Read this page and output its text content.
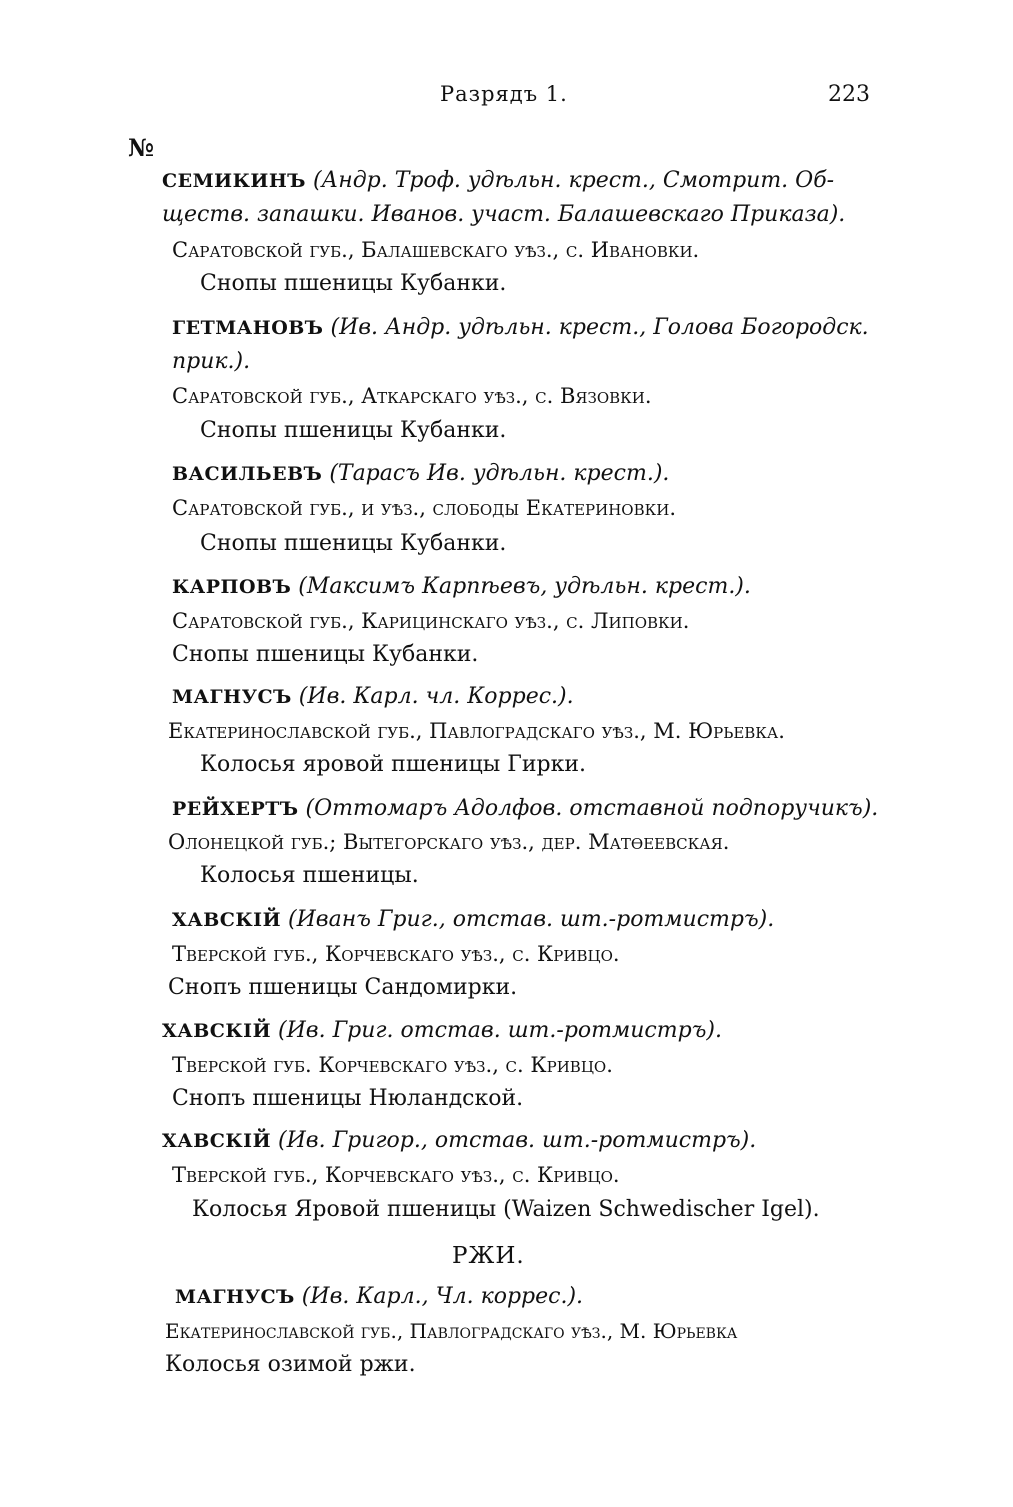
Разрядъ 1.	223
№
СЕМИКИНЪ (Андр. Троф. удѣльн. крест., Смотрит. Об-
ществ. запашки. Иванов. участ. Балашевскаго Приказа).
Саратовской губ., Балашевскаго уѣз., с. Ивановки.
Снопы пшеницы Кубанки.
ГЕТМАНОВЪ (Ив. Андр. удѣльн. крест., Голова Богородск.
прик.).
Саратовской губ., Аткарскаго уѣз., с. Вязовки.
Снопы пшеницы Кубанки.
ВАСИЛЬЕВЪ (Тарасъ Ив. удѣльн. крест.).
Саратовской губ., и уѣз., слободы Екатериновки.
Снопы пшеницы Кубанки.
КАРПОВЪ (Максимъ Карпѣевъ, удѣльн. крест.).
Саратовской губ., Карицинскаго уѣз., с. Липовки.
Снопы пшеницы Кубанки.
МАГНУСЪ (Ив. Карл. чл. Коррес.).
Екатеринославской губ., Павлоградскаго уѣз., М. Юрьевка.
Колосья яровой пшеницы Гирки.
РЕЙХЕРТЪ (Оттомаръ Адолфов. отставной подпоручикъ).
Олонецкой губ.; Вытегорскаго уѣз., дер. Матѳеевская.
Колосья пшеницы.
ХАВСКІЙ (Иванъ Григ., отстав. шт.-ротмистръ).
Тверской губ., Корчевскаго уѣз., с. Кривцо.
Снопъ пшеницы Сандомирки.
ХАВСКІЙ (Ив. Григ. отстав. шт.-ротмистръ).
Тверской губ. Корчевскаго уѣз., с. Кривцо.
Снопъ пшеницы Нюландской.
ХАВСКІЙ (Ив. Григор., отстав. шт.-ротмистръ).
Тверской губ., Корчевскаго уѣз., с. Кривцо.
Колосья Яровой пшеницы (Waizen Schwedischer Igel).
РЖИ.
МАГНУСЪ (Ив. Карл., Чл. коррес.).
Екатеринославской губ., Павлоградскаго уѣз., М. Юрьевка
Колосья озимой ржи.
